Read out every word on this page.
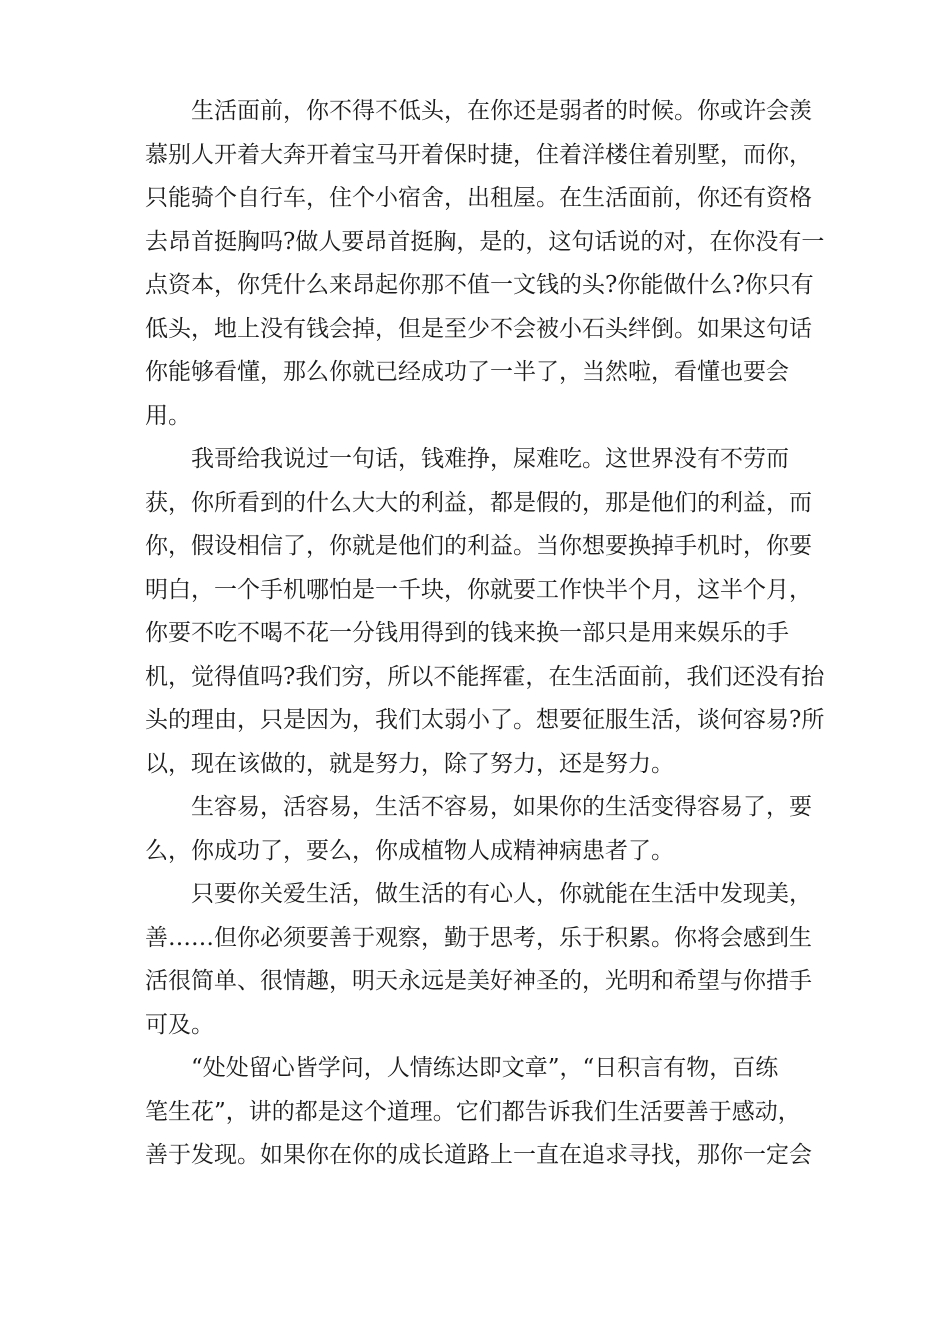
生活面前，你不得不低头，在你还是弱者的时候。你或许会羡
慕别人开着大奔开着宝马开着保时捷，住着洋楼住着别墅，而你，
只能骑个自行车，住个小宿舍，出租屋。在生活面前，你还有资格
去昂首挺胸吗?做人要昂首挺胸，是的，这句话说的对，在你没有一
点资本，你凭什么来昂起你那不值一文钱的头?你能做什么?你只有
低头，地上没有钱会掉，但是至少不会被小石头绊倒。如果这句话
你能够看懂，那么你就已经成功了一半了，当然啦，看懂也要会
用。
我哥给我说过一句话，钱难挣，屎难吃。这世界没有不劳而
获，你所看到的什么大大的利益，都是假的，那是他们的利益，而
你，假设相信了，你就是他们的利益。当你想要换掉手机时，你要
明白，一个手机哪怕是一千块，你就要工作快半个月，这半个月，
你要不吃不喝不花一分钱用得到的钱来换一部只是用来娱乐的手
机，觉得值吗?我们穷，所以不能挥霍，在生活面前，我们还没有抬
头的理由，只是因为，我们太弱小了。想要征服生活，谈何容易?所
以，现在该做的，就是努力，除了努力，还是努力。
生容易，活容易，生活不容易，如果你的生活变得容易了，要
么，你成功了，要么，你成植物人成精神病患者了。
只要你关爱生活，做生活的有心人，你就能在生活中发现美，
善……但你必须要善于观察，勤于思考，乐于积累。你将会感到生
活很简单、很情趣，明天永远是美好神圣的，光明和希望与你措手
可及。
“处处留心皆学问，人情练达即文章”，“日积言有物，百练
笔生花”，讲的都是这个道理。它们都告诉我们生活要善于感动，
善于发现。如果你在你的成长道路上一直在追求寻找，那你一定会
